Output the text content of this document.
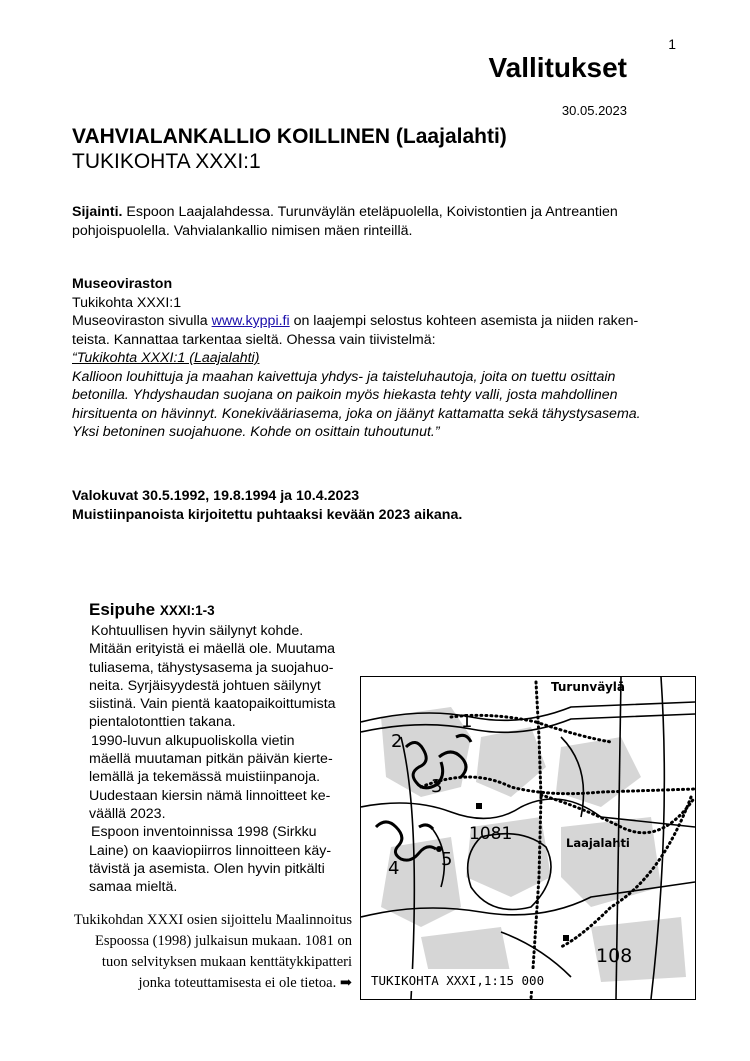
1
Vallitukset
30.05.2023
VAHVIALANKALLIO KOILLINEN (Laajalahti)
TUKIKOHTA XXXI:1
Sijainti. Espoon Laajalahdessa. Turunväylän eteläpuolella, Koivistontien ja Antreantien
pohjoispuolella. Vahvialankallio nimisen mäen rinteillä.
Museoviraston
Tukikohta XXXI:1
Museoviraston sivulla www.kyppi.fi on laajempi selostus kohteen asemista ja niiden raken-
teista. Kannattaa tarkentaa sieltä. Ohessa vain tiivistelmä:
“Tukikohta XXXI:1 (Laajalahti)
Kallioon louhittuja ja maahan kaivettuja yhdys- ja taisteluhautoja, joita on tuettu osittain
betonilla. Yhdyshaudan suojana on paikoin myös hiekasta tehty valli, josta mahdollinen
hirsituenta on hävinnyt. Konekivääriasema, joka on jäänyt kattamatta sekä tähystysasema.
Yksi betoninen suojahuone. Kohde on osittain tuhoutunut.”
Valokuvat 30.5.1992, 19.8.1994 ja 10.4.2023
Muistiinpanoista kirjoitettu puhtaaksi kevään 2023 aikana.
Esipuhe XXXI:1-3
Kohtuullisen hyvin säilynyt kohde.
Mitään erityistä ei mäellä ole. Muutama
tuliasema, tähystysasema ja suojahuo-
neita. Syrjäisyydestä johtuen säilynyt
siistinä. Vain pientä kaatopaikoittumista
pientalotonttien takana.
1990-luvun alkupuoliskolla vietin
mäellä muutaman pitkän päivän kierte-
lemällä ja tekemässä muistiinpanoja.
Uudestaan kiersin nämä linnoitteet ke-
väällä 2023.
Espoon inventoinnissa 1998 (Sirkku
Laine) on kaaviopiirros linnoitteen käy-
tävistä ja asemista. Olen hyvin pitkälti
samaa mieltä.
Tukikohdan XXXI osien sijoittelu Maalinnoitus
Espoossa (1998) julkaisun mukaan. 1081 on
tuon selvityksen mukaan kenttätykkipatteri
jonka toteuttamisesta ei ole tietoa. ➡
Turunväylä
Laajalahti
1
2
3
4 5
1081
108
TUKIKOHTA XXXI,1:15 000
